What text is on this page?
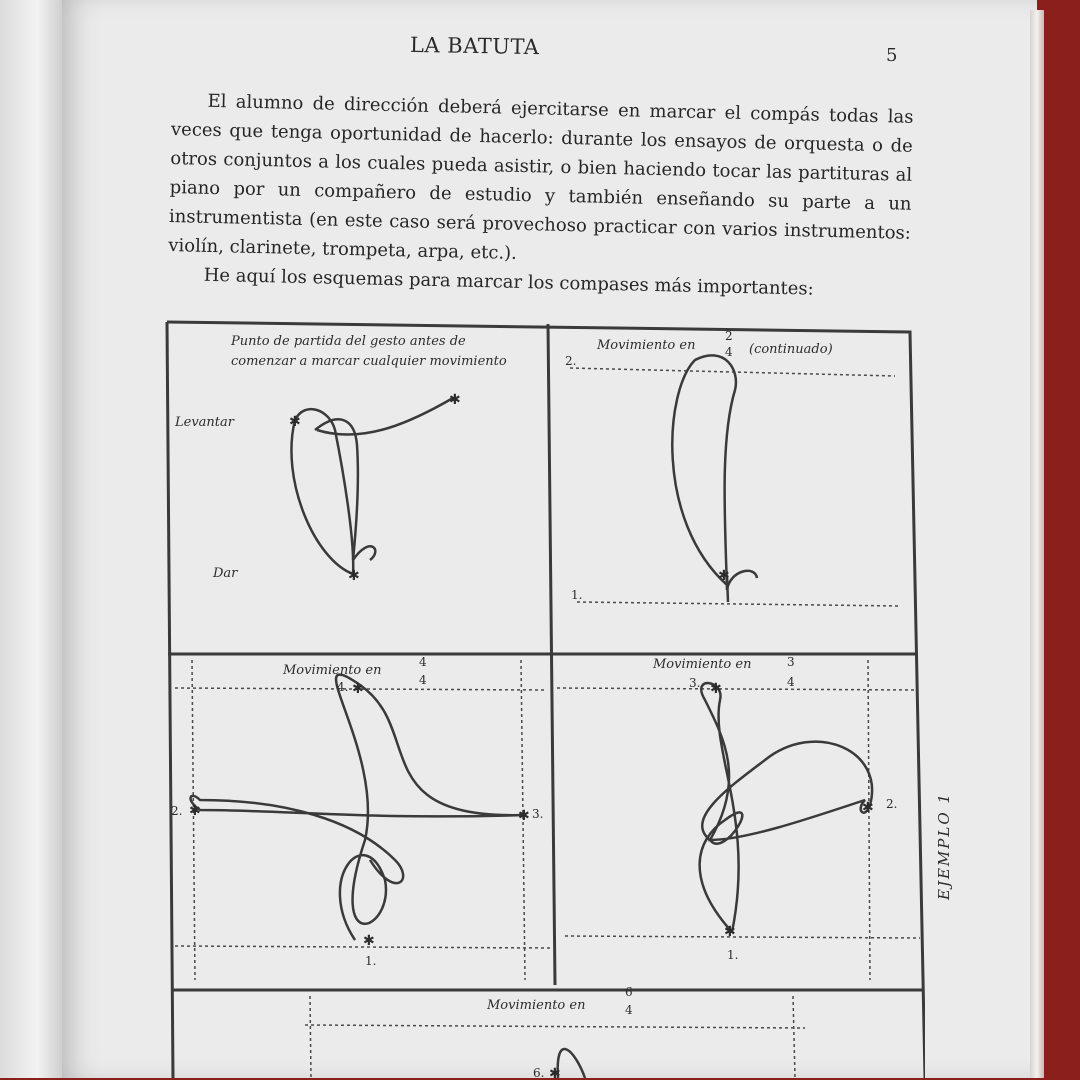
LA BATUTA	5

El alumno de dirección deberá ejercitarse en marcar el compás todas las veces que tenga oportunidad de hacerlo: durante los ensayos de orquesta o de otros conjuntos a los cuales pueda asistir, o bien haciendo tocar las partituras al piano por un compañero de estudio y también enseñando su parte a un instrumentista (en este caso será provechoso practicar con varios instrumentos: violín, clarinete, trompeta, arpa, etc.).

He aquí los esquemas para marcar los compases más importantes:

✱
✱
✱
✱
✱
✱	✱
✱
✱
✱
✱
✱
Punto de partida del gesto antes de comenzar a marcar cualquier movimiento
Levantar
Dar
Movimiento en
2
4 (continuado)
2.
1.
Movimiento en
4
4
4.
2.	3.
1.
Movimiento en	3
4
3.
2.
1.
Movimiento en
6
4
6.
EJEMPLO 1
